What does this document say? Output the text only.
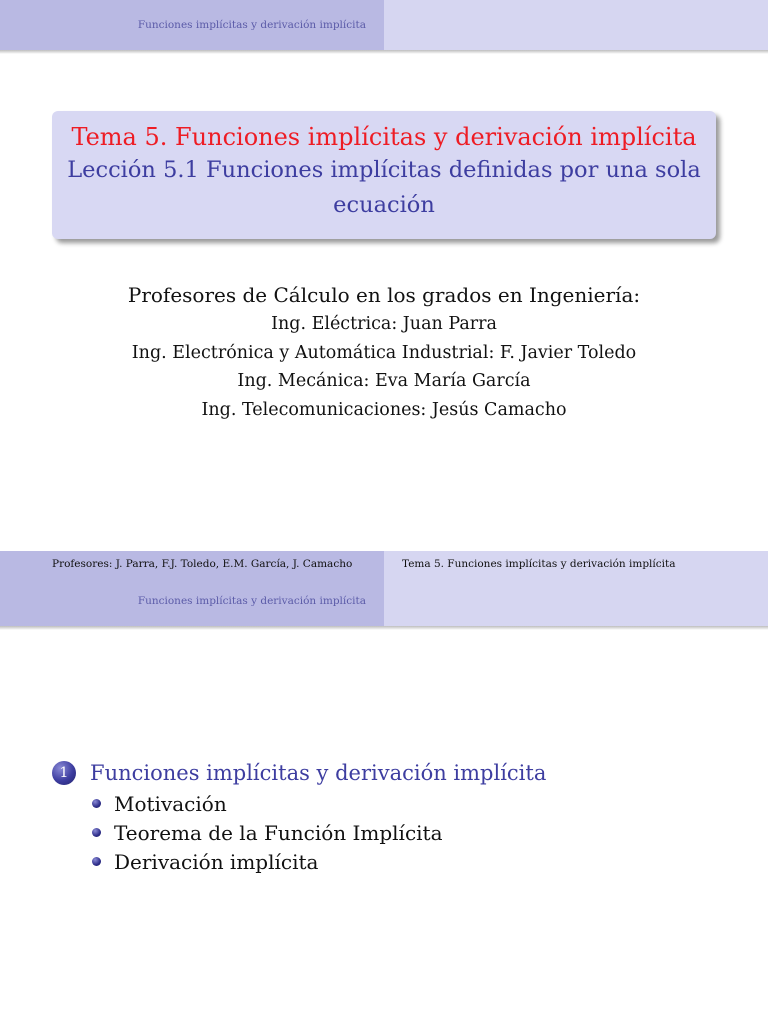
Funciones implícitas y derivación implícita
Tema 5. Funciones implícitas y derivación implícita
Lección 5.1 Funciones implícitas definidas por una sola ecuación
Profesores de Cálculo en los grados en Ingeniería:
Ing. Eléctrica: Juan Parra
Ing. Electrónica y Automática Industrial: F. Javier Toledo
Ing. Mecánica: Eva María García
Ing. Telecomunicaciones: Jesús Camacho
Profesores: J. Parra, F.J. Toledo, E.M. García, J. Camacho	Tema 5. Funciones implícitas y derivación implícita
Funciones implícitas y derivación implícita
1 Funciones implícitas y derivación implícita
Motivación
Teorema de la Función Implícita
Derivación implícita
